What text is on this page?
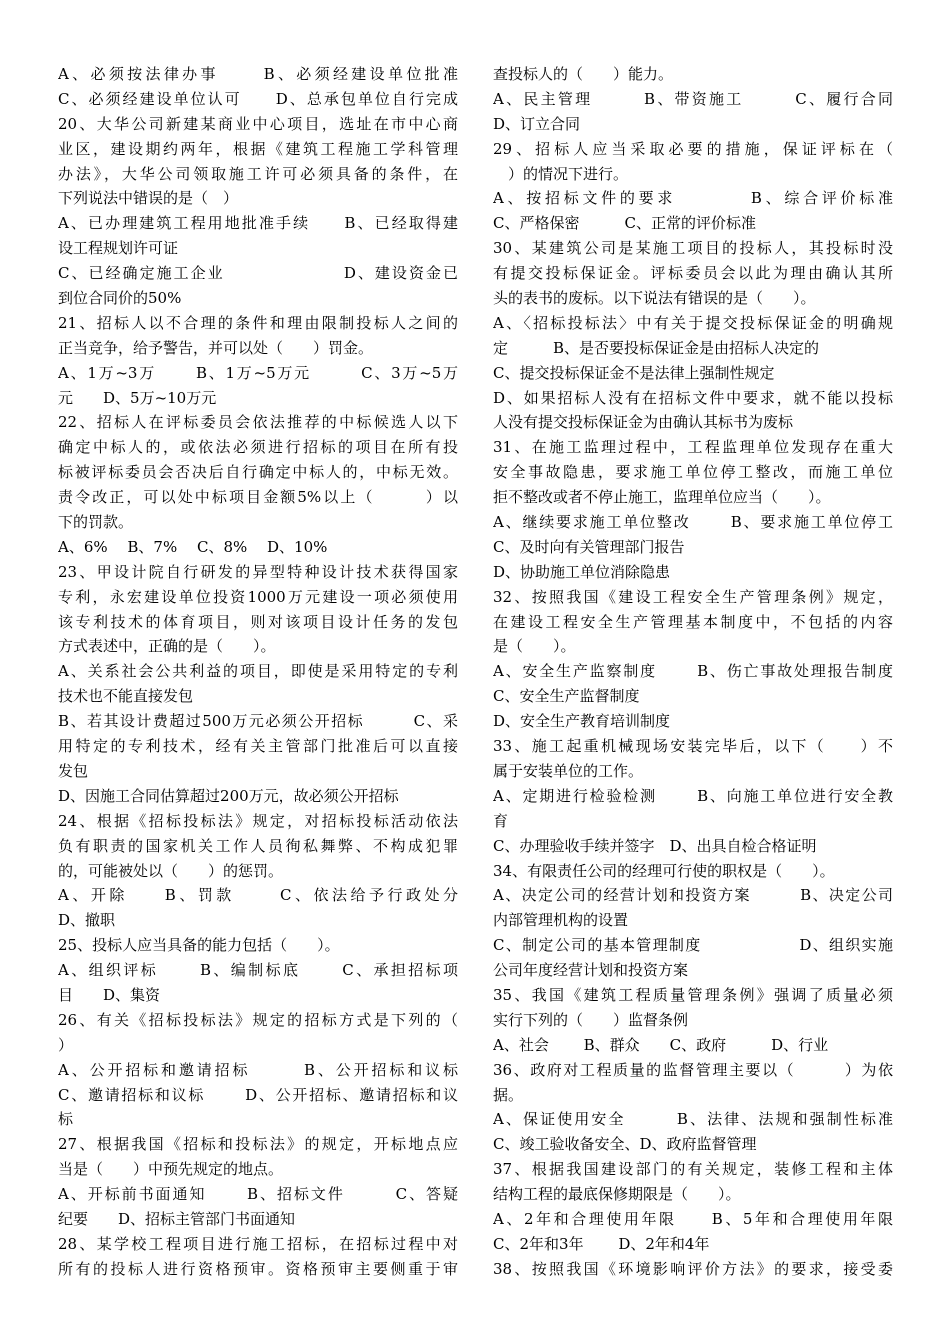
A、必须按法律办事　　 B、必须经建设单位批准
C、必须经建设单位认可　　D、总承包单位自行完成
20、大华公司新建某商业中心项目，选址在市中心商
业区，建设期约两年，根据《建筑工程施工学科管理
办法》，大华公司领取施工许可必须具备的条件，在
下列说法中错误的是（　）
A、已办理建筑工程用地批准手续　　B、已经取得建
设工程规划许可证
C、已经确定施工企业　　　　　　　D、建设资金已
到位合同价的50%
21、招标人以不合理的条件和理由限制投标人之间的
正当竞争，给予警告，并可以处（　　）罚金。
A、1万~3万　　 B、1万~5万元　　　C、3万~5万
元　　D、5万~10万元
22、招标人在评标委员会依法推荐的中标候选人以下
确定中标人的，或依法必须进行招标的项目在所有投
标被评标委员会否决后自行确定中标人的，中标无效。
责令改正，可以处中标项目金额5%以上（　　　）以
下的罚款。
A、6%　 B、7%　 C、8%　 D、10%
23、甲设计院自行研发的异型特种设计技术获得国家
专利，永宏建设单位投资1000万元建设一项必须使用
该专利技术的体育项目，则对该项目设计任务的发包
方式表述中，正确的是（　　）。
A、关系社会公共利益的项目，即使是采用特定的专利
技术也不能直接发包
B、若其设计费超过500万元必须公开招标　　　C、采
用特定的专利技术，经有关主管部门批准后可以直接
发包
D、因施工合同估算超过200万元，故必须公开招标
24、根据《招标投标法》规定，对招标投标活动依法
负有职责的国家机关工作人员徇私舞弊、不构成犯罪
的，可能被处以（　　）的惩罚。
A、开除　　B、罚款　　 C、依法给予行政处分
D、撤职
25、投标人应当具备的能力包括（　　）。
A、组织评标　　 B、编制标底　　 C、承担招标项
目　　D、集资
26、有关《招标投标法》规定的招标方式是下列的（
）
A、公开招标和邀请招标　　　B、公开招标和议标
C、邀请招标和议标　　 D、公开招标、邀请招标和议
标
27、根据我国《招标和投标法》的规定，开标地点应
当是（　　）中预先规定的地点。
A、开标前书面通知　　 B、招标文件　　　C、答疑
纪要　　D、招标主管部门书面通知
28、某学校工程项目进行施工招标，在招标过程中对
所有的投标人进行资格预审。资格预审主要侧重于审
查投标人的（　　）能力。
A、民主管理　　　B、带资施工　　　C、履行合同
D、订立合同
29、招标人应当采取必要的措施，保证评标在（
　）的情况下进行。
A、按招标文件的要求　　　　B、综合评价标准
C、严格保密　　　C、正常的评价标准
30、某建筑公司是某施工项目的投标人，其投标时没
有提交投标保证金。评标委员会以此为理由确认其所
头的表书的废标。以下说法有错误的是（　　）。
A、〈招标投标法〉中有关于提交投标保证金的明确规
定　　　B、是否要投标保证金是由招标人决定的
C、提交投标保证金不是法律上强制性规定
D、如果招标人没有在招标文件中要求，就不能以投标
人没有提交投标保证金为由确认其标书为废标
31、在施工监理过程中，工程监理单位发现存在重大
安全事故隐患，要求施工单位停工整改，而施工单位
拒不整改或者不停止施工，监理单位应当（　　）。
A、继续要求施工单位整改　　 B、要求施工单位停工
C、及时向有关管理部门报告
D、协助施工单位消除隐患
32、按照我国《建设工程安全生产管理条例》规定，
在建设工程安全生产管理基本制度中，不包括的内容
是（　　）。
A、安全生产监察制度　　 B、伤亡事故处理报告制度
C、安全生产监督制度
D、安全生产教育培训制度
33、施工起重机械现场安装完毕后，以下（　　）不
属于安装单位的工作。
A、定期进行检验检测　　 B、向施工单位进行安全教
育
C、办理验收手续并签字　D、出具自检合格证明
34、有限责任公司的经理可行使的职权是（　　）。
A、决定公司的经营计划和投资方案　　　B、决定公司
内部管理机构的设置
C、制定公司的基本管理制度　　　　　　D、组织实施
公司年度经营计划和投资方案
35、我国《建筑工程质量管理条例》强调了质量必须
实行下列的（　　）监督条例
A、社会　　 B、群众　　C、政府　　　D、行业
36、政府对工程质量的监督管理主要以（　　　）为依
据。
A、保证使用安全　　　B、法律、法规和强制性标准
C、竣工验收备安全、D、政府监督管理
37、根据我国建设部门的有关规定，装修工程和主体
结构工程的最底保修期限是（　　）。
A、2年和合理使用年限　　B、5年和合理使用年限
C、2年和3年　　 D、2年和4年
38、按照我国《环境影响评价方法》的要求，接受委
